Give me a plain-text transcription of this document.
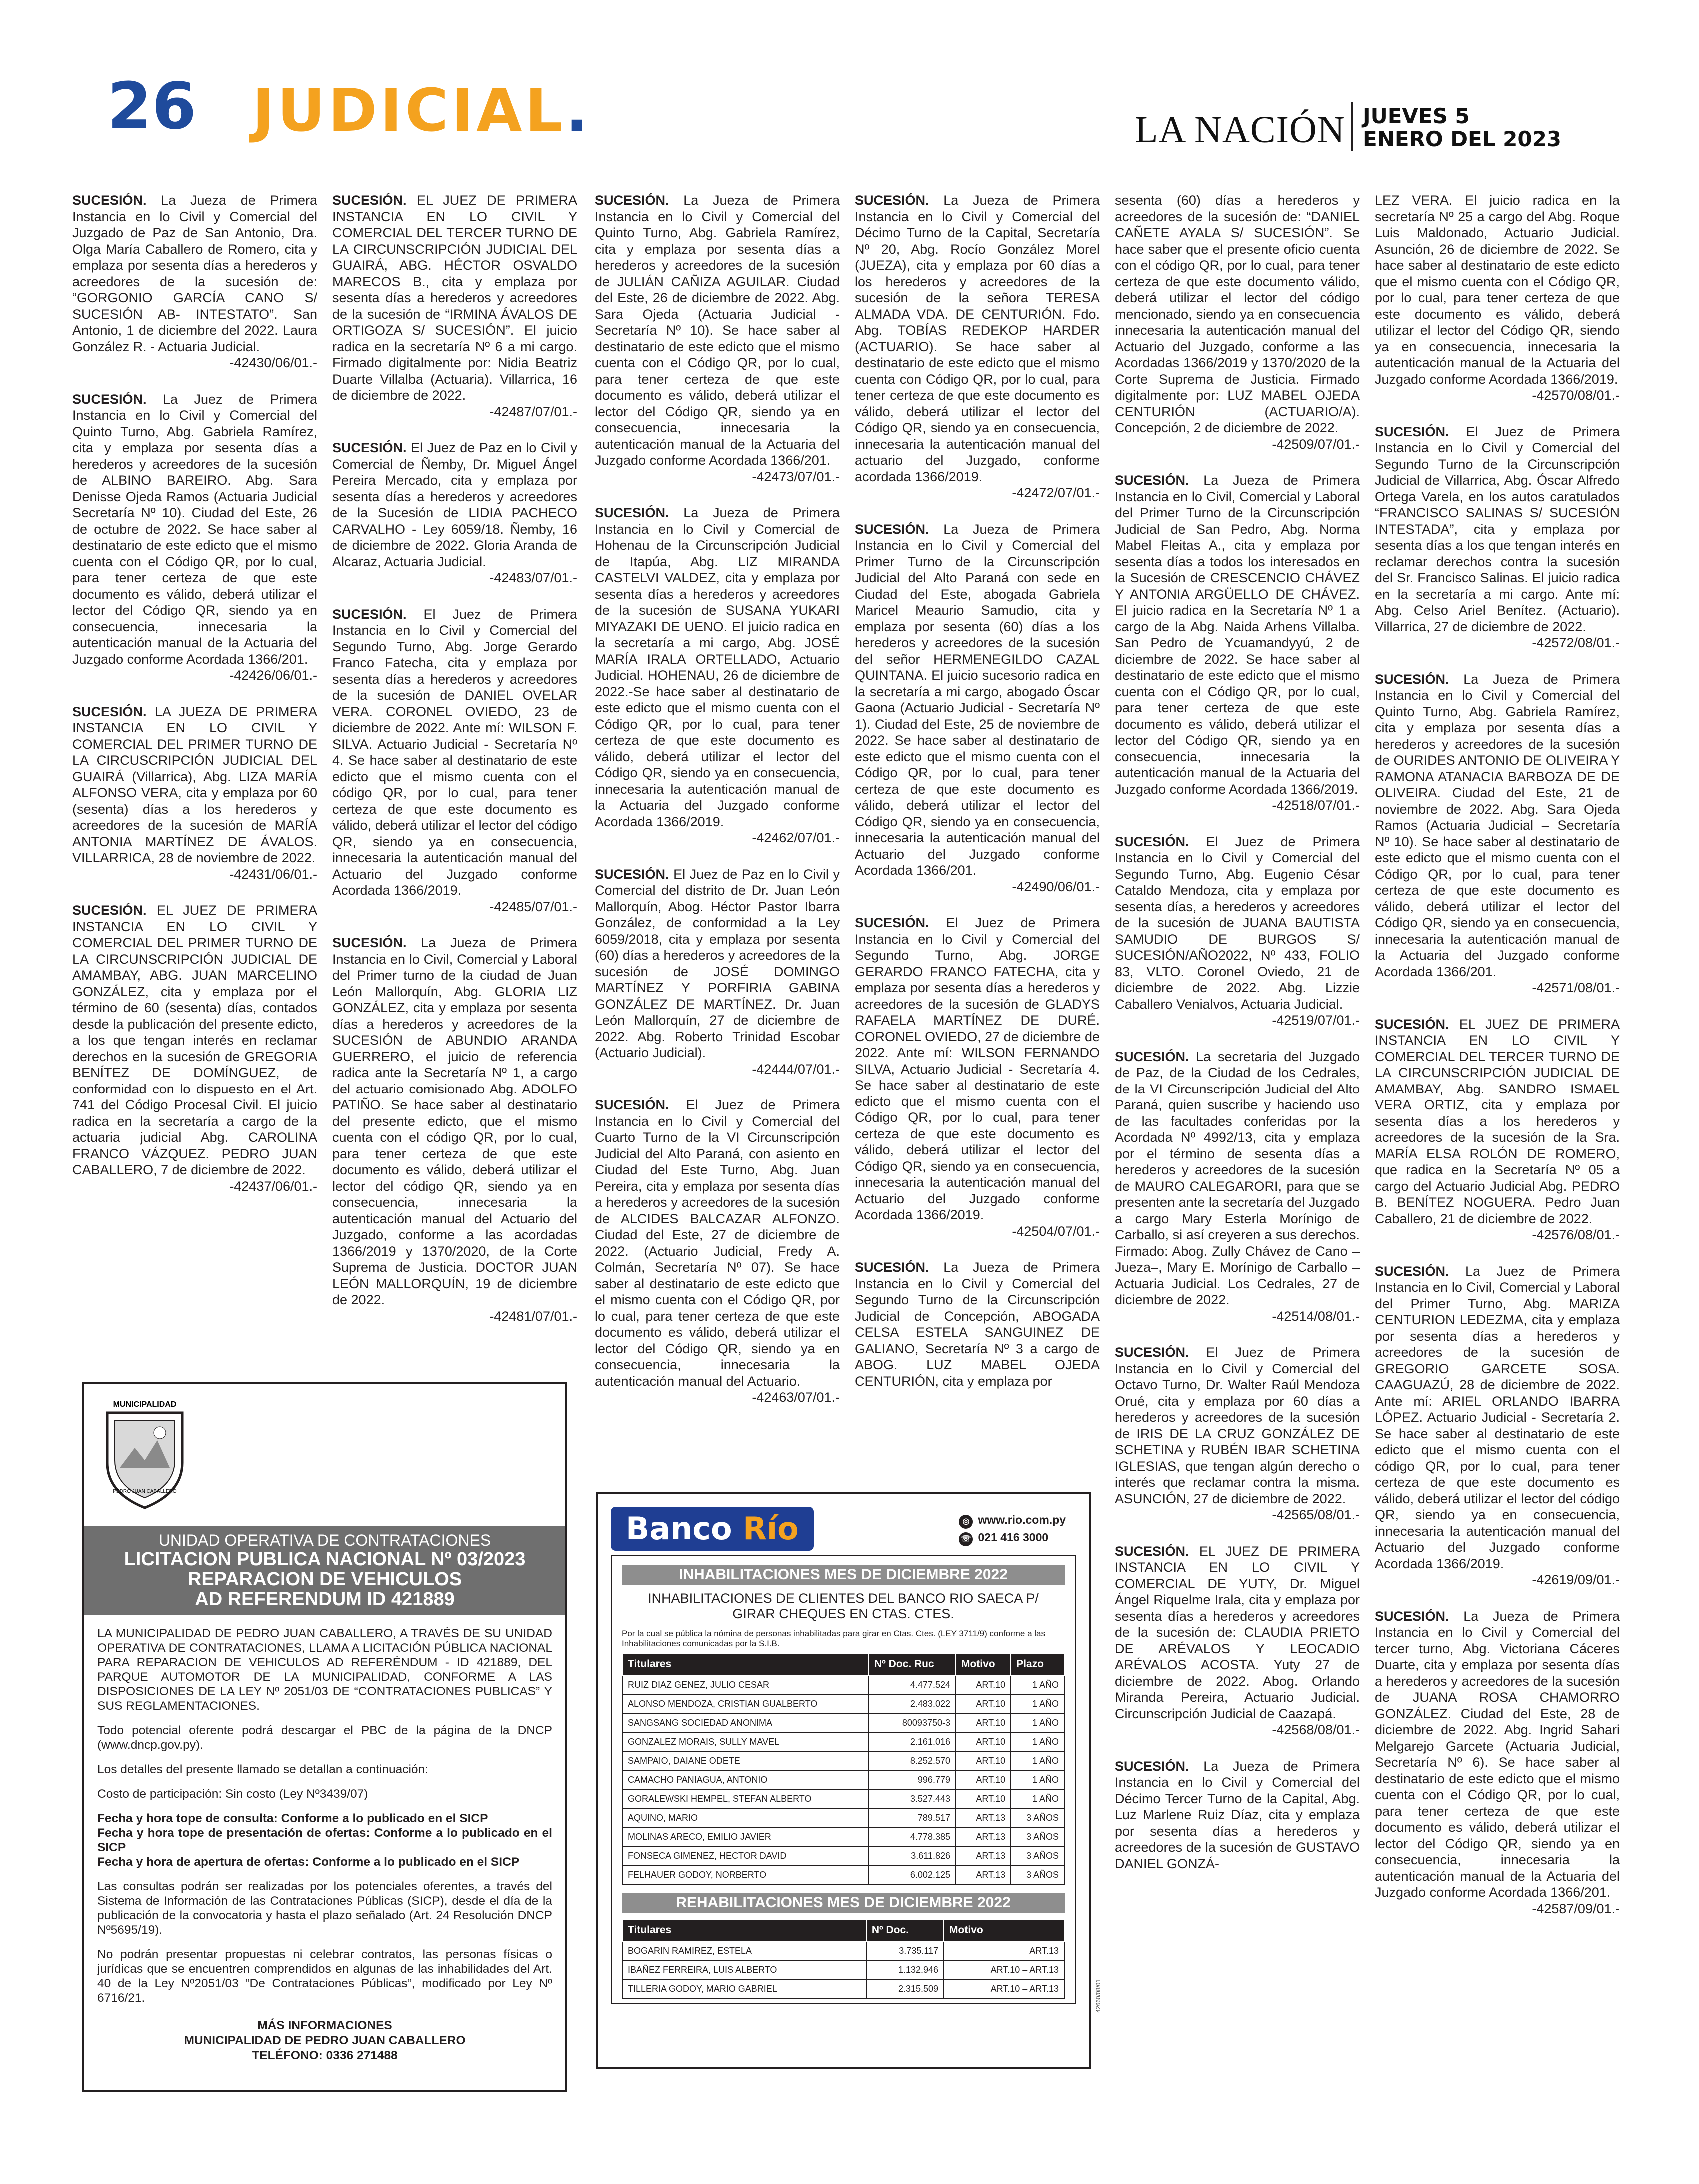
26 JUDICIAL.	LA NACIÓN JUEVES 5
ENERO DEL 2023
SUCESIÓN. La Jueza de Primera Instancia en lo Civil y Comercial del Juzgado de Paz de San Antonio, Dra. Olga María Caballero de Romero, cita y emplaza por sesenta días a herederos y acreedores de la sucesión de: “GORGONIO GARCÍA CANO S/ SUCESIÓN AB- INTESTATO”. San Antonio, 1 de diciembre del 2022. Laura González R. - Actuaria Judicial.
-42430/06/01.-
SUCESIÓN. La Juez de Primera Instancia en lo Civil y Comercial del Quinto Turno, Abg. Gabriela Ramírez, cita y emplaza por sesenta días a herederos y acreedores de la sucesión de ALBINO BAREIRO. Abg. Sara Denisse Ojeda Ramos (Actuaria Judicial Secretaría Nº 10). Ciudad del Este, 26 de octubre de 2022. Se hace saber al destinatario de este edicto que el mismo cuenta con el Código QR, por lo cual, para tener certeza de que este documento es válido, deberá utilizar el lector del Código QR, siendo ya en consecuencia, innecesaria la autenticación manual de la Actuaria del Juzgado conforme Acordada 1366/201.
-42426/06/01.-
SUCESIÓN. LA JUEZA DE PRIMERA INSTANCIA EN LO CIVIL Y COMERCIAL DEL PRIMER TURNO DE LA CIRCUSCRIPCIÓN JUDICIAL DEL GUAIRÁ (Villarrica), Abg. LIZA MARÍA ALFONSO VERA, cita y emplaza por 60 (sesenta) días a los herederos y acreedores de la sucesión de MARÍA ANTONIA MARTÍNEZ DE ÁVALOS. VILLARRICA, 28 de noviembre de 2022.
-42431/06/01.-
SUCESIÓN. EL JUEZ DE PRIMERA INSTANCIA EN LO CIVIL Y COMERCIAL DEL PRIMER TURNO DE LA CIRCUNSCRIPCIÓN JUDICIAL DE AMAMBAY, ABG. JUAN MARCELINO GONZÁLEZ, cita y emplaza por el término de 60 (sesenta) días, contados desde la publicación del presente edicto, a los que tengan interés en reclamar derechos en la sucesión de GREGORIA BENÍTEZ DE DOMÍNGUEZ, de conformidad con lo dispuesto en el Art. 741 del Código Procesal Civil. El juicio radica en la secretaría a cargo de la actuaria judicial Abg. CAROLINA FRANCO VÁZQUEZ. PEDRO JUAN CABALLERO, 7 de diciembre de 2022.
-42437/06/01.-
SUCESIÓN. EL JUEZ DE PRIMERA INSTANCIA EN LO CIVIL Y COMERCIAL DEL TERCER TURNO DE LA CIRCUNSCRIPCIÓN JUDICIAL DEL GUAIRÁ, ABG. HÉCTOR OSVALDO MARECOS B., cita y emplaza por sesenta días a herederos y acreedores de la sucesión de “IRMINA ÁVALOS DE ORTIGOZA S/ SUCESIÓN”. El juicio radica en la secretaría Nº 6 a mi cargo. Firmado digitalmente por: Nidia Beatriz Duarte Villalba (Actuaria). Villarrica, 16 de diciembre de 2022.
-42487/07/01.-
SUCESIÓN. El Juez de Paz en lo Civil y Comercial de Ñemby, Dr. Miguel Ángel Pereira Mercado, cita y emplaza por sesenta días a herederos y acreedores de la Sucesión de LIDIA PACHECO CARVALHO - Ley 6059/18. Ñemby, 16 de diciembre de 2022. Gloria Aranda de Alcaraz, Actuaria Judicial.
-42483/07/01.-
SUCESIÓN. El Juez de Primera Instancia en lo Civil y Comercial del Segundo Turno, Abg. Jorge Gerardo Franco Fatecha, cita y emplaza por sesenta días a herederos y acreedores de la sucesión de DANIEL OVELAR VERA. CORONEL OVIEDO, 23 de diciembre de 2022. Ante mí: WILSON F. SILVA. Actuario Judicial - Secretaría Nº 4. Se hace saber al destinatario de este edicto que el mismo cuenta con el código QR, por lo cual, para tener certeza de que este documento es válido, deberá utilizar el lector del código QR, siendo ya en consecuencia, innecesaria la autenticación manual del Actuario del Juzgado conforme Acordada 1366/2019.
-42485/07/01.-
SUCESIÓN. La Jueza de Primera Instancia en lo Civil, Comercial y Laboral del Primer turno de la ciudad de Juan León Mallorquín, Abg. GLORIA LIZ GONZÁLEZ, cita y emplaza por sesenta días a herederos y acreedores de la SUCESIÓN de ABUNDIO ARANDA GUERRERO, el juicio de referencia radica ante la Secretaría Nº 1, a cargo del actuario comisionado Abg. ADOLFO PATIÑO. Se hace saber al destinatario del presente edicto, que el mismo cuenta con el código QR, por lo cual, para tener certeza de que este documento es válido, deberá utilizar el lector del código QR, siendo ya en consecuencia, innecesaria la autenticación manual del Actuario del Juzgado, conforme a las acordadas 1366/2019 y 1370/2020, de la Corte Suprema de Justicia. DOCTOR JUAN LEÓN MALLORQUÍN, 19 de diciembre de 2022.
-42481/07/01.-
SUCESIÓN. La Jueza de Primera Instancia en lo Civil y Comercial del Quinto Turno, Abg. Gabriela Ramírez, cita y emplaza por sesenta días a herederos y acreedores de la sucesión de JULIÁN CAÑIZA AGUILAR. Ciudad del Este, 26 de diciembre de 2022. Abg. Sara Ojeda (Actuaria Judicial - Secretaría Nº 10). Se hace saber al destinatario de este edicto que el mismo cuenta con el Código QR, por lo cual, para tener certeza de que este documento es válido, deberá utilizar el lector del Código QR, siendo ya en consecuencia, innecesaria la autenticación manual de la Actuaria del Juzgado conforme Acordada 1366/201.
-42473/07/01.-
SUCESIÓN. La Jueza de Primera Instancia en lo Civil y Comercial de Hohenau de la Circunscripción Judicial de Itapúa, Abg. LIZ MIRANDA CASTELVI VALDEZ, cita y emplaza por sesenta días a herederos y acreedores de la sucesión de SUSANA YUKARI MIYAZAKI DE UENO. El juicio radica en la secretaría a mi cargo, Abg. JOSÉ MARÍA IRALA ORTELLADO, Actuario Judicial. HOHENAU, 26 de diciembre de 2022.-Se hace saber al destinatario de este edicto que el mismo cuenta con el Código QR, por lo cual, para tener certeza de que este documento es válido, deberá utilizar el lector del Código QR, siendo ya en consecuencia, innecesaria la autenticación manual de la Actuaria del Juzgado conforme Acordada 1366/2019.
-42462/07/01.-
SUCESIÓN. El Juez de Paz en lo Civil y Comercial del distrito de Dr. Juan León Mallorquín, Abog. Héctor Pastor Ibarra González, de conformidad a la Ley 6059/2018, cita y emplaza por sesenta (60) días a herederos y acreedores de la sucesión de JOSÉ DOMINGO MARTÍNEZ Y PORFIRIA GABINA GONZÁLEZ DE MARTÍNEZ. Dr. Juan León Mallorquín, 27 de diciembre de 2022. Abg. Roberto Trinidad Escobar (Actuario Judicial).
-42444/07/01.-
SUCESIÓN. El Juez de Primera Instancia en lo Civil y Comercial del Cuarto Turno de la VI Circunscripción Judicial del Alto Paraná, con asiento en Ciudad del Este Turno, Abg. Juan Pereira, cita y emplaza por sesenta días a herederos y acreedores de la sucesión de ALCIDES BALCAZAR ALFONZO. Ciudad del Este, 27 de diciembre de 2022. (Actuario Judicial, Fredy A. Colmán, Secretaría Nº 07). Se hace saber al destinatario de este edicto que el mismo cuenta con el Código QR, por lo cual, para tener certeza de que este documento es válido, deberá utilizar el lector del Código QR, siendo ya en consecuencia, innecesaria la autenticación manual del Actuario.
-42463/07/01.-
SUCESIÓN. La Jueza de Primera Instancia en lo Civil y Comercial del Décimo Turno de la Capital, Secretaría Nº 20, Abg. Rocío González Morel (JUEZA), cita y emplaza por 60 días a los herederos y acreedores de la sucesión de la señora TERESA ALMADA VDA. DE CENTURIÓN. Fdo. Abg. TOBÍAS REDEKOP HARDER (ACTUARIO). Se hace saber al destinatario de este edicto que el mismo cuenta con Código QR, por lo cual, para tener certeza de que este documento es válido, deberá utilizar el lector del Código QR, siendo ya en consecuencia, innecesaria la autenticación manual del actuario del Juzgado, conforme acordada 1366/2019.
-42472/07/01.-
SUCESIÓN. La Jueza de Primera Instancia en lo Civil y Comercial del Primer Turno de la Circunscripción Judicial del Alto Paraná con sede en Ciudad del Este, abogada Gabriela Maricel Meaurio Samudio, cita y emplaza por sesenta (60) días a los herederos y acreedores de la sucesión del señor HERMENEGILDO CAZAL QUINTANA. El juicio sucesorio radica en la secretaría a mi cargo, abogado Óscar Gaona (Actuario Judicial - Secretaría Nº 1). Ciudad del Este, 25 de noviembre de 2022. Se hace saber al destinatario de este edicto que el mismo cuenta con el Código QR, por lo cual, para tener certeza de que este documento es válido, deberá utilizar el lector del Código QR, siendo ya en consecuencia, innecesaria la autenticación manual del Actuario del Juzgado conforme Acordada 1366/201.
-42490/06/01.-
SUCESIÓN. El Juez de Primera Instancia en lo Civil y Comercial del Segundo Turno, Abg. JORGE GERARDO FRANCO FATECHA, cita y emplaza por sesenta días a herederos y acreedores de la sucesión de GLADYS RAFAELA MARTÍNEZ DE DURÉ. CORONEL OVIEDO, 27 de diciembre de 2022. Ante mí: WILSON FERNANDO SILVA, Actuario Judicial - Secretaría 4. Se hace saber al destinatario de este edicto que el mismo cuenta con el Código QR, por lo cual, para tener certeza de que este documento es válido, deberá utilizar el lector del Código QR, siendo ya en consecuencia, innecesaria la autenticación manual del Actuario del Juzgado conforme Acordada 1366/2019.
-42504/07/01.-
SUCESIÓN. La Jueza de Primera Instancia en lo Civil y Comercial del Segundo Turno de la Circunscripción Judicial de Concepción, ABOGADA CELSA ESTELA SANGUINEZ DE GALIANO, Secretaría Nº 3 a cargo de ABOG. LUZ MABEL OJEDA CENTURIÓN, cita y emplaza por
sesenta (60) días a herederos y acreedores de la sucesión de: “DANIEL CAÑETE AYALA S/ SUCESIÓN”. Se hace saber que el presente oficio cuenta con el código QR, por lo cual, para tener certeza de que este documento válido, deberá utilizar el lector del código mencionado, siendo ya en consecuencia innecesaria la autenticación manual del Actuario del Juzgado, conforme a las Acordadas 1366/2019 y 1370/2020 de la Corte Suprema de Justicia. Firmado digitalmente por: LUZ MABEL OJEDA CENTURIÓN (ACTUARIO/A). Concepción, 2 de diciembre de 2022.
-42509/07/01.-
SUCESIÓN. La Jueza de Primera Instancia en lo Civil, Comercial y Laboral del Primer Turno de la Circunscripción Judicial de San Pedro, Abg. Norma Mabel Fleitas A., cita y emplaza por sesenta días a todos los interesados en la Sucesión de CRESCENCIO CHÁVEZ Y ANTONIA ARGÜELLO DE CHÁVEZ. El juicio radica en la Secretaría Nº 1 a cargo de la Abg. Naida Arhens Villalba. San Pedro de Ycuamandyyú, 2 de diciembre de 2022. Se hace saber al destinatario de este edicto que el mismo cuenta con el Código QR, por lo cual, para tener certeza de que este documento es válido, deberá utilizar el lector del Código QR, siendo ya en consecuencia, innecesaria la autenticación manual de la Actuaria del Juzgado conforme Acordada 1366/2019.
-42518/07/01.-
SUCESIÓN. El Juez de Primera Instancia en lo Civil y Comercial del Segundo Turno, Abg. Eugenio César Cataldo Mendoza, cita y emplaza por sesenta días, a herederos y acreedores de la sucesión de JUANA BAUTISTA SAMUDIO DE BURGOS S/ SUCESIÓN/AÑO2022, Nº 433, FOLIO 83, VLTO. Coronel Oviedo, 21 de diciembre de 2022. Abg. Lizzie Caballero Venialvos, Actuaria Judicial.
-42519/07/01.-
SUCESIÓN. La secretaria del Juzgado de Paz, de la Ciudad de los Cedrales, de la VI Circunscripción Judicial del Alto Paraná, quien suscribe y haciendo uso de las facultades conferidas por la Acordada Nº 4992/13, cita y emplaza por el término de sesenta días a herederos y acreedores de la sucesión de MAURO CALEGARORI, para que se presenten ante la secretaría del Juzgado a cargo Mary Esterla Morínigo de Carballo, si así creyeren a sus derechos. Firmado: Abog. Zully Chávez de Cano –Jueza–, Mary E. Morínigo de Carballo – Actuaria Judicial. Los Cedrales, 27 de diciembre de 2022.
-42514/08/01.-
SUCESIÓN. El Juez de Primera Instancia en lo Civil y Comercial del Octavo Turno, Dr. Walter Raúl Mendoza Orué, cita y emplaza por 60 días a herederos y acreedores de la sucesión de IRIS DE LA CRUZ GONZÁLEZ DE SCHETINA y RUBÉN IBAR SCHETINA IGLESIAS, que tengan algún derecho o interés que reclamar contra la misma. ASUNCIÓN, 27 de diciembre de 2022.
-42565/08/01.-
SUCESIÓN. EL JUEZ DE PRIMERA INSTANCIA EN LO CIVIL Y COMERCIAL DE YUTY, Dr. Miguel Ángel Riquelme Irala, cita y emplaza por sesenta días a herederos y acreedores de la sucesión de: CLAUDIA PRIETO DE ARÉVALOS Y LEOCADIO ARÉVALOS ACOSTA. Yuty 27 de diciembre de 2022. Abog. Orlando Miranda Pereira, Actuario Judicial. Circunscripción Judicial de Caazapá.
-42568/08/01.-
SUCESIÓN. La Jueza de Primera Instancia en lo Civil y Comercial del Décimo Tercer Turno de la Capital, Abg. Luz Marlene Ruiz Díaz, cita y emplaza por sesenta días a herederos y acreedores de la sucesión de GUSTAVO DANIEL GONZÁ-
LEZ VERA. El juicio radica en la secretaría Nº 25 a cargo del Abg. Roque Luis Maldonado, Actuario Judicial. Asunción, 26 de diciembre de 2022. Se hace saber al destinatario de este edicto que el mismo cuenta con el Código QR, por lo cual, para tener certeza de que este documento es válido, deberá utilizar el lector del Código QR, siendo ya en consecuencia, innecesaria la autenticación manual de la Actuaria del Juzgado conforme Acordada 1366/2019.
-42570/08/01.-
SUCESIÓN. El Juez de Primera Instancia en lo Civil y Comercial del Segundo Turno de la Circunscripción Judicial de Villarrica, Abg. Óscar Alfredo Ortega Varela, en los autos caratulados “FRANCISCO SALINAS S/ SUCESIÓN INTESTADA”, cita y emplaza por sesenta días a los que tengan interés en reclamar derechos contra la sucesión del Sr. Francisco Salinas. El juicio radica en la secretaría a mi cargo. Ante mí: Abg. Celso Ariel Benítez. (Actuario). Villarrica, 27 de diciembre de 2022.
-42572/08/01.-
SUCESIÓN. La Jueza de Primera Instancia en lo Civil y Comercial del Quinto Turno, Abg. Gabriela Ramírez, cita y emplaza por sesenta días a herederos y acreedores de la sucesión de OURIDES ANTONIO DE OLIVEIRA Y RAMONA ATANACIA BARBOZA DE DE OLIVEIRA. Ciudad del Este, 21 de noviembre de 2022. Abg. Sara Ojeda Ramos (Actuaria Judicial – Secretaría Nº 10). Se hace saber al destinatario de este edicto que el mismo cuenta con el Código QR, por lo cual, para tener certeza de que este documento es válido, deberá utilizar el lector del Código QR, siendo ya en consecuencia, innecesaria la autenticación manual de la Actuaria del Juzgado conforme Acordada 1366/201.
-42571/08/01.-
SUCESIÓN. EL JUEZ DE PRIMERA INSTANCIA EN LO CIVIL Y COMERCIAL DEL TERCER TURNO DE LA CIRCUNSCRIPCIÓN JUDICIAL DE AMAMBAY, Abg. SANDRO ISMAEL VERA ORTIZ, cita y emplaza por sesenta días a los herederos y acreedores de la sucesión de la Sra. MARÍA ELSA ROLÓN DE ROMERO, que radica en la Secretaría Nº 05 a cargo del Actuario Judicial Abg. PEDRO B. BENÍTEZ NOGUERA. Pedro Juan Caballero, 21 de diciembre de 2022.
-42576/08/01.-
SUCESIÓN. La Juez de Primera Instancia en lo Civil, Comercial y Laboral del Primer Turno, Abg. MARIZA CENTURION LEDEZMA, cita y emplaza por sesenta días a herederos y acreedores de la sucesión de GREGORIO GARCETE SOSA. CAAGUAZÚ, 28 de diciembre de 2022. Ante mí: ARIEL ORLANDO IBARRA LÓPEZ. Actuario Judicial - Secretaría 2. Se hace saber al destinatario de este edicto que el mismo cuenta con el código QR, por lo cual, para tener certeza de que este documento es válido, deberá utilizar el lector del código QR, siendo ya en consecuencia, innecesaria la autenticación manual del Actuario del Juzgado conforme Acordada 1366/2019.
-42619/09/01.-
SUCESIÓN. La Jueza de Primera Instancia en lo Civil y Comercial del tercer turno, Abg. Victoriana Cáceres Duarte, cita y emplaza por sesenta días a herederos y acreedores de la sucesión de JUANA ROSA CHAMORRO GONZÁLEZ. Ciudad del Este, 28 de diciembre de 2022. Abg. Ingrid Sahari Melgarejo Garcete (Actuaria Judicial, Secretaría Nº 6). Se hace saber al destinatario de este edicto que el mismo cuenta con el Código QR, por lo cual, para tener certeza de que este documento es válido, deberá utilizar el lector del Código QR, siendo ya en consecuencia, innecesaria la autenticación manual de la Actuaria del Juzgado conforme Acordada 1366/201.
-42587/09/01.-
MUNICIPALIDAD
PEDRO JUAN CABALLERO
UNIDAD OPERATIVA DE CONTRATACIONES
LICITACION PUBLICA NACIONAL Nº 03/2023
REPARACION DE VEHICULOS
AD REFERENDUM ID 421889

LA MUNICIPALIDAD DE PEDRO JUAN CABALLERO, A TRAVÉS DE SU UNIDAD OPERATIVA DE CONTRATACIONES, LLAMA A LICITACIÓN PÚBLICA NACIONAL PARA REPARACION DE VEHICULOS AD REFERÉNDUM - ID 421889, DEL PARQUE AUTOMOTOR DE LA MUNICIPALIDAD, CONFORME A LAS DISPOSICIONES DE LA LEY Nº 2051/03 DE “CONTRATACIONES PUBLICAS” Y SUS REGLAMENTACIONES.

Todo potencial oferente podrá descargar el PBC de la página de la DNCP (www.dncp.gov.py).

Los detalles del presente llamado se detallan a continuación:

Costo de participación: Sin costo (Ley Nº3439/07)

Fecha y hora tope de consulta: Conforme a lo publicado en el SICP
Fecha y hora tope de presentación de ofertas: Conforme a lo publicado en el SICP
Fecha y hora de apertura de ofertas: Conforme a lo publicado en el SICP

Las consultas podrán ser realizadas por los potenciales oferentes, a través del Sistema de Información de las Contrataciones Públicas (SICP), desde el día de la publicación de la convocatoria y hasta el plazo señalado (Art. 24 Resolución DNCP Nº5695/19).

No podrán presentar propuestas ni celebrar contratos, las personas físicas o jurídicas que se encuentren comprendidos en algunas de las inhabilidades del Art. 40 de la Ley Nº2051/03 “De Contrataciones Públicas”, modificado por Ley Nº 6716/21.

MÁS INFORMACIONES
MUNICIPALIDAD DE PEDRO JUAN CABALLERO
TELÉFONO: 0336 271488
Banco Río	◎ www.rio.com.py
☏ 021 416 3000
INHABILITACIONES MES DE DICIEMBRE 2022
INHABILITACIONES DE CLIENTES DEL BANCO RIO SAECA P/
GIRAR CHEQUES EN CTAS. CTES.
Por la cual se pública la nómina de personas inhabilitadas para girar en Ctas. Ctes. (LEY 3711/9) conforme a las Inhabilitaciones comunicadas por la S.I.B.
Titulares	Nº Doc. Ruc	Motivo	Plazo
RUIZ DIAZ GENEZ, JULIO CESAR	4.477.524	ART.10	1 AÑO
ALONSO MENDOZA, CRISTIAN GUALBERTO	2.483.022	ART.10	1 AÑO
SANGSANG SOCIEDAD ANONIMA	80093750-3	ART.10	1 AÑO
GONZALEZ MORAIS, SULLY MAVEL	2.161.016	ART.10	1 AÑO
SAMPAIO, DAIANE ODETE	8.252.570	ART.10	1 AÑO
CAMACHO PANIAGUA, ANTONIO	996.779	ART.10	1 AÑO
GORALEWSKI HEMPEL, STEFAN ALBERTO	3.527.443	ART.10	1 AÑO
AQUINO, MARIO	789.517	ART.13	3 AÑOS
MOLINAS ARECO, EMILIO JAVIER	4.778.385	ART.13	3 AÑOS
FONSECA GIMENEZ, HECTOR DAVID	3.611.826	ART.13	3 AÑOS
FELHAUER GODOY, NORBERTO	6.002.125	ART.13	3 AÑOS
REHABILITACIONES MES DE DICIEMBRE 2022
Titulares	Nº Doc.	Motivo
BOGARIN RAMIREZ, ESTELA	3.735.117	ART.13
IBAÑEZ FERREIRA, LUIS ALBERTO	1.132.946	ART.10 – ART.13
TILLERIA GODOY, MARIO GABRIEL	2.315.509	ART.10 – ART.13	42660/08/01
